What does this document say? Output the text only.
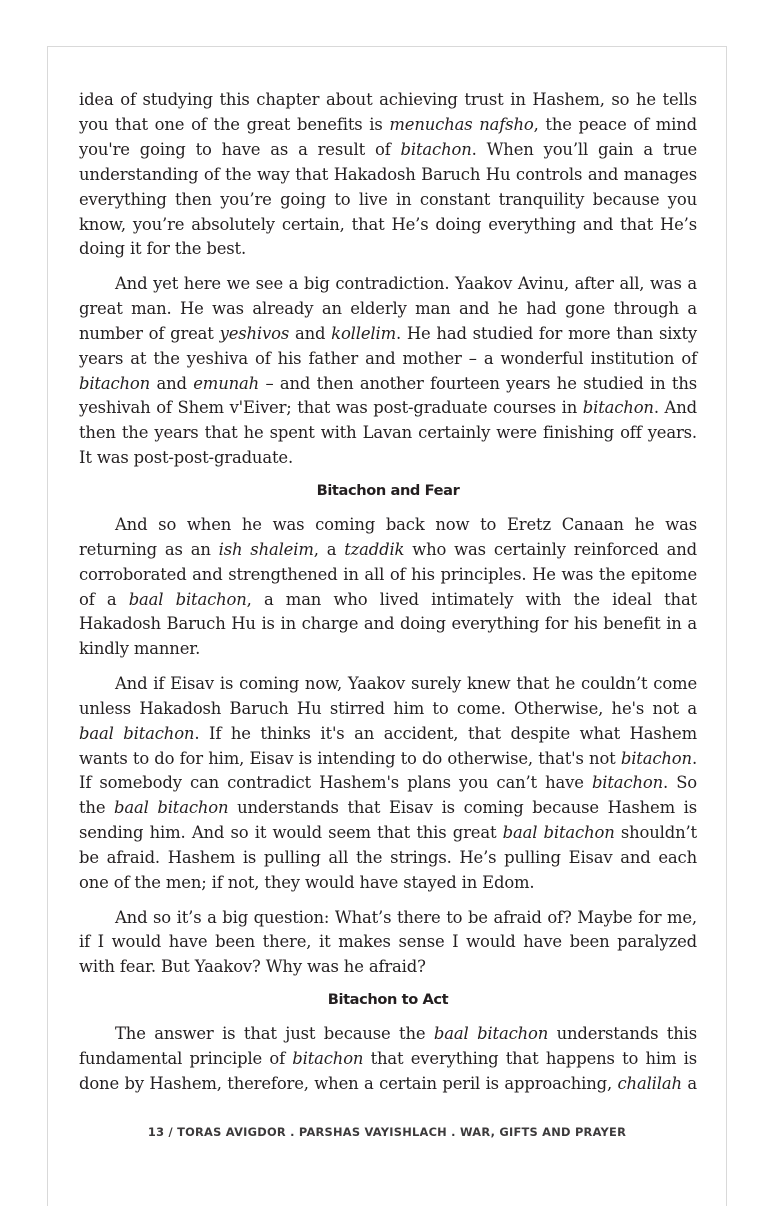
idea of studying this chapter about achieving trust in Hashem, so he tells you that one of the great benefits is menuchas nafsho, the peace of mind you're going to have as a result of bitachon. When you’ll gain a true understanding of the way that Hakadosh Baruch Hu controls and manages everything then you’re going to live in constant tranquility because you know, you’re absolutely certain, that He’s doing everything and that He’s doing it for the best.

And yet here we see a big contradiction. Yaakov Avinu, after all, was a great man. He was already an elderly man and he had gone through a number of great yeshivos and kollelim. He had studied for more than sixty years at the yeshiva of his father and mother – a wonderful institution of bitachon and emunah – and then another fourteen years he studied in ths yeshivah of Shem v'Eiver; that was post-graduate courses in bitachon. And then the years that he spent with Lavan certainly were finishing off years. It was post-post-graduate.

Bitachon and Fear

And so when he was coming back now to Eretz Canaan he was returning as an ish shaleim, a tzaddik who was certainly reinforced and corroborated and strengthened in all of his principles. He was the epitome of a baal bitachon, a man who lived intimately with the ideal that Hakadosh Baruch Hu is in charge and doing everything for his benefit in a kindly manner.

And if Eisav is coming now, Yaakov surely knew that he couldn’t come unless Hakadosh Baruch Hu stirred him to come. Otherwise, he's not a baal bitachon. If he thinks it's an accident, that despite what Hashem wants to do for him, Eisav is intending to do otherwise, that's not bitachon. If somebody can contradict Hashem's plans you can’t have bitachon. So the baal bitachon understands that Eisav is coming because Hashem is sending him. And so it would seem that this great baal bitachon shouldn’t be afraid. Hashem is pulling all the strings. He’s pulling Eisav and each one of the men; if not, they would have stayed in Edom.

And so it’s a big question: What’s there to be afraid of? Maybe for me, if I would have been there, it makes sense I would have been paralyzed with fear. But Yaakov? Why was he afraid?

Bitachon to Act

The answer is that just because the baal bitachon understands this fundamental principle of bitachon that everything that happens to him is done by Hashem, therefore, when a certain peril is approaching, chalilah a

13 / TORAS AVIGDOR . PARSHAS VAYISHLACH . WAR, GIFTS AND PRAYER
